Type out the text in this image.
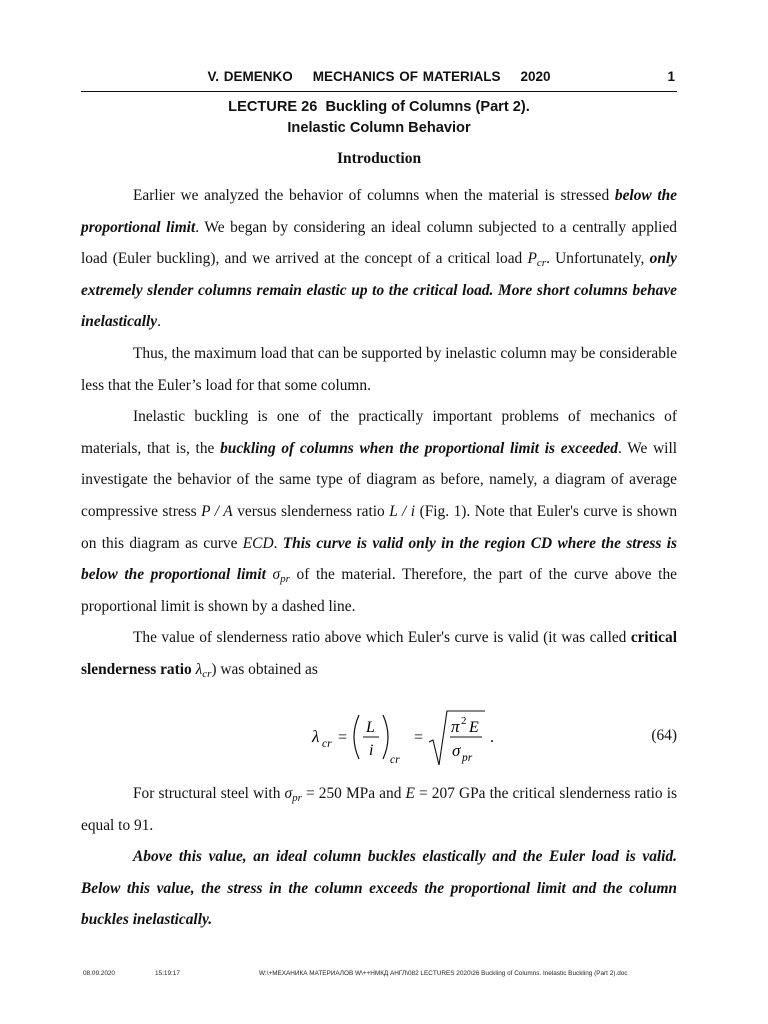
V. DEMENKO MECHANICS OF MATERIALS 2020	1
LECTURE 26  Buckling of Columns (Part 2).
Inelastic Column Behavior
Introduction

Earlier we analyzed the behavior of columns when the material is stressed below the proportional limit. We began by considering an ideal column subjected to a centrally applied load (Euler buckling), and we arrived at the concept of a critical load $P_{cr}$. Unfortunately, only extremely slender columns remain elastic up to the critical load. More short columns behave inelastically.

Thus, the maximum load that can be supported by inelastic column may be considerable less that the Euler’s load for that some column.

Inelastic buckling is one of the practically important problems of mechanics of materials, that is, the buckling of columns when the proportional limit is exceeded. We will investigate the behavior of the same type of diagram as before, namely, a diagram of average compressive stress P / A versus slenderness ratio L / i (Fig. 1). Note that Euler's curve is shown on this diagram as curve ECD. This curve is valid only in the region CD where the stress is below the proportional limit $\sigma_{pr}$ of the material. Therefore, the part of the curve above the proportional limit is shown by a dashed line.

The value of slenderness ratio above which Euler's curve is valid (it was called critical slenderness ratio $\lambda_{cr}$) was obtained as

λ cr =
L
i
cr
=
π 2 E
σ pr
.	(64)

For structural steel with $\sigma_{pr} = 250$ MPa and E = 207 GPa the critical slenderness ratio is equal to 91.

Above this value, an ideal column buckles elastically and the Euler load is valid. Below this value, the stress in the column exceeds the proportional limit and the column buckles inelastically.

08.09.2020	15:19:17	W:\+МЕХАНИКА МАТЕРИАЛОВ W\++НМКД АНГЛ\082 LECTURES 2020\26 Buckling of Columns. Inelastic Buckling (Part 2).doc
